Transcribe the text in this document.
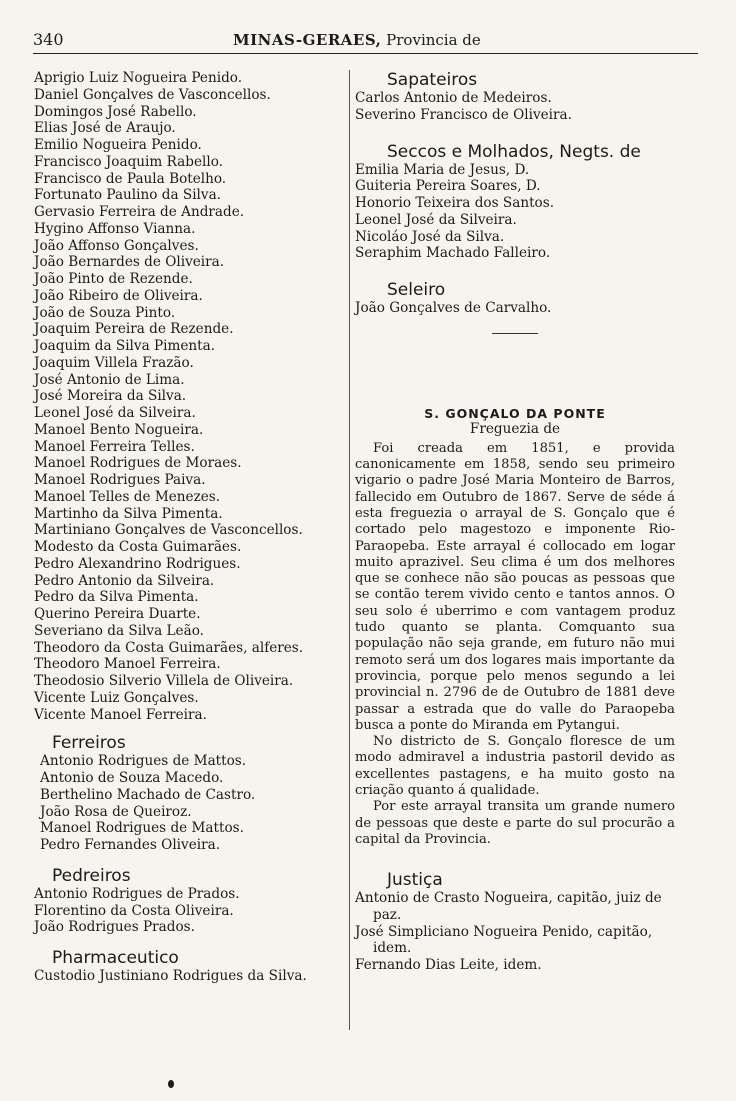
340	MINAS-GERAES, Provincia de
Aprigio Luiz Nogueira Penido.
Daniel Gonçalves de Vasconcellos.
Domingos José Rabello.
Elias José de Araujo.
Emilio Nogueira Penido.
Francisco Joaquim Rabello.
Francisco de Paula Botelho.
Fortunato Paulino da Silva.
Gervasio Ferreira de Andrade.
Hygino Affonso Vianna.
João Affonso Gonçalves.
João Bernardes de Oliveira.
João Pinto de Rezende.
João Ribeiro de Oliveira.
João de Souza Pinto.
Joaquim Pereira de Rezende.
Joaquim da Silva Pimenta.
Joaquim Villela Frazão.
José Antonio de Lima.
José Moreira da Silva.
Leonel José da Silveira.
Manoel Bento Nogueira.
Manoel Ferreira Telles.
Manoel Rodrigues de Moraes.
Manoel Rodrigues Paiva.
Manoel Telles de Menezes.
Martinho da Silva Pimenta.
Martiniano Gonçalves de Vasconcellos.
Modesto da Costa Guimarães.
Pedro Alexandrino Rodrigues.
Pedro Antonio da Silveira.
Pedro da Silva Pimenta.
Querino Pereira Duarte.
Severiano da Silva Leão.
Theodoro da Costa Guimarães, alferes.
Theodoro Manoel Ferreira.
Theodosio Silverio Villela de Oliveira.
Vicente Luiz Gonçalves.
Vicente Manoel Ferreira.
Ferreiros
Antonio Rodrigues de Mattos.
Antonio de Souza Macedo.
Berthelino Machado de Castro.
João Rosa de Queiroz.
Manoel Rodrigues de Mattos.
Pedro Fernandes Oliveira.
Pedreiros
Antonio Rodrigues de Prados.
Florentino da Costa Oliveira.
João Rodrigues Prados.
Pharmaceutico
Custodio Justiniano Rodrigues da Silva.
Sapateiros
Carlos Antonio de Medeiros.
Severino Francisco de Oliveira.
Seccos e Molhados, Negts. de
Emilia Maria de Jesus, D.
Guiteria Pereira Soares, D.
Honorio Teixeira dos Santos.
Leonel José da Silveira.
Nicoláo José da Silva.
Seraphim Machado Falleiro.
Seleiro
João Gonçalves de Carvalho.
S. GONÇALO DA PONTE
Freguezia de
Foi creada em 1851, e provida canonicamente em 1858, sendo seu primeiro vigario o padre José Maria Monteiro de Barros, fallecido em Outubro de 1867. Serve de séde á esta freguezia o arrayal de S. Gonçalo que é cortado pelo magestozo e imponente Rio-Paraopeba. Este arrayal é collocado em logar muito aprazivel. Seu clima é um dos melhores que se conhece não são poucas as pessoas que se contão terem vivido cento e tantos annos. O seu solo é uberrimo e com vantagem produz tudo quanto se planta. Comquanto sua população não seja grande, em futuro não mui remoto será um dos logares mais importante da provincia, porque pelo menos segundo a lei provincial n. 2796 de de Outubro de 1881 deve passar a estrada que do valle do Paraopeba busca a ponte do Miranda em Pytangui.
No districto de S. Gonçalo floresce de um modo admiravel a industria pastoril devido as excellentes pastagens, e ha muito gosto na criação quanto á qualidade.
Por este arrayal transita um grande numero de pessoas que deste e parte do sul procurão a capital da Provincia.
Justiça
Antonio de Crasto Nogueira, capitão, juiz de paz.
José Simpliciano Nogueira Penido, capitão, idem.
Fernando Dias Leite, idem.
